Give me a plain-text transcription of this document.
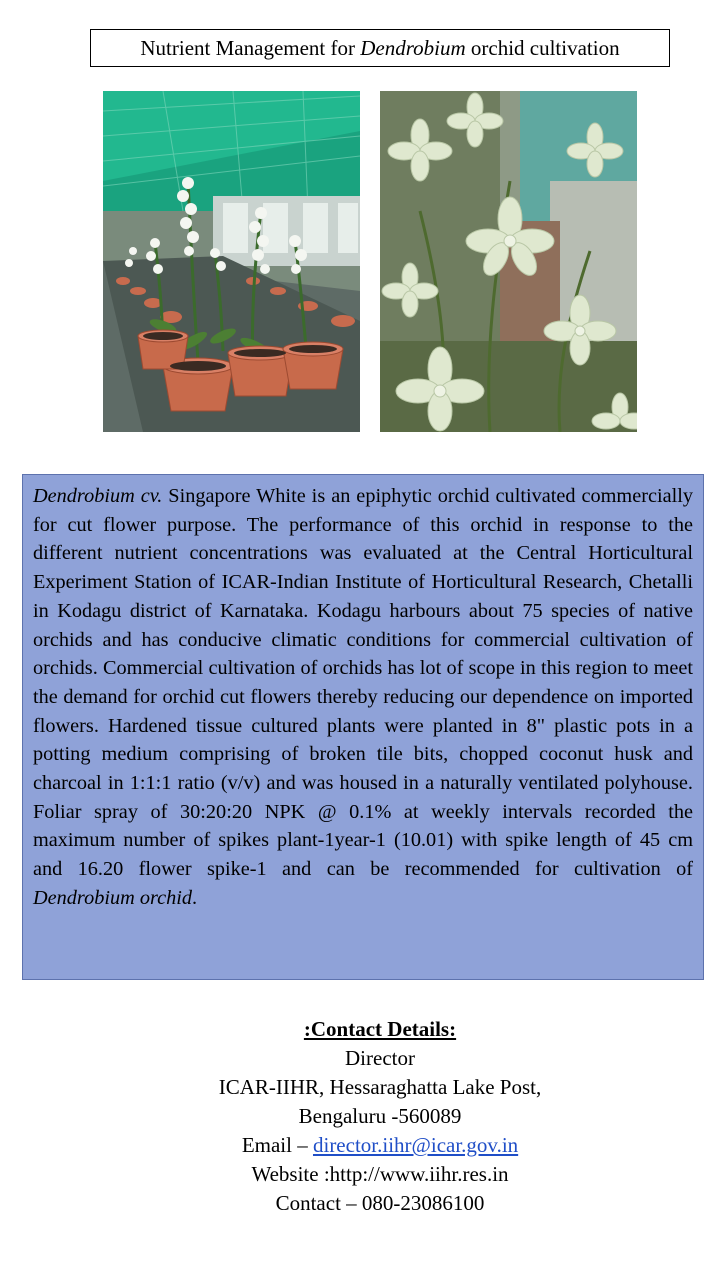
Nutrient Management for Dendrobium orchid cultivation

Dendrobium cv. Singapore White is an epiphytic orchid cultivated commercially for cut flower purpose. The performance of this orchid in response to the different nutrient concentrations was evaluated at the Central Horticultural Experiment Station of ICAR-Indian Institute of Horticultural Research, Chetalli in Kodagu district of Karnataka. Kodagu harbours about 75 species of native orchids and has conducive climatic conditions for commercial cultivation of orchids. Commercial cultivation of orchids has lot of scope in this region to meet the demand for orchid cut flowers thereby reducing our dependence on imported flowers. Hardened tissue cultured plants were planted in 8" plastic pots in a potting medium comprising of broken tile bits, chopped coconut husk and charcoal in 1:1:1 ratio (v/v) and was housed in a naturally ventilated polyhouse. Foliar spray of 30:20:20 NPK @ 0.1% at weekly intervals recorded the maximum number of spikes plant-1year-1 (10.01) with spike length of 45 cm and 16.20 flower spike-1 and can be recommended for cultivation of Dendrobium orchid.

:Contact Details:
Director
ICAR-IIHR, Hessaraghatta Lake Post,
Bengaluru -560089
Email – director.iihr@icar.gov.in
Website :http://www.iihr.res.in
Contact – 080-23086100
